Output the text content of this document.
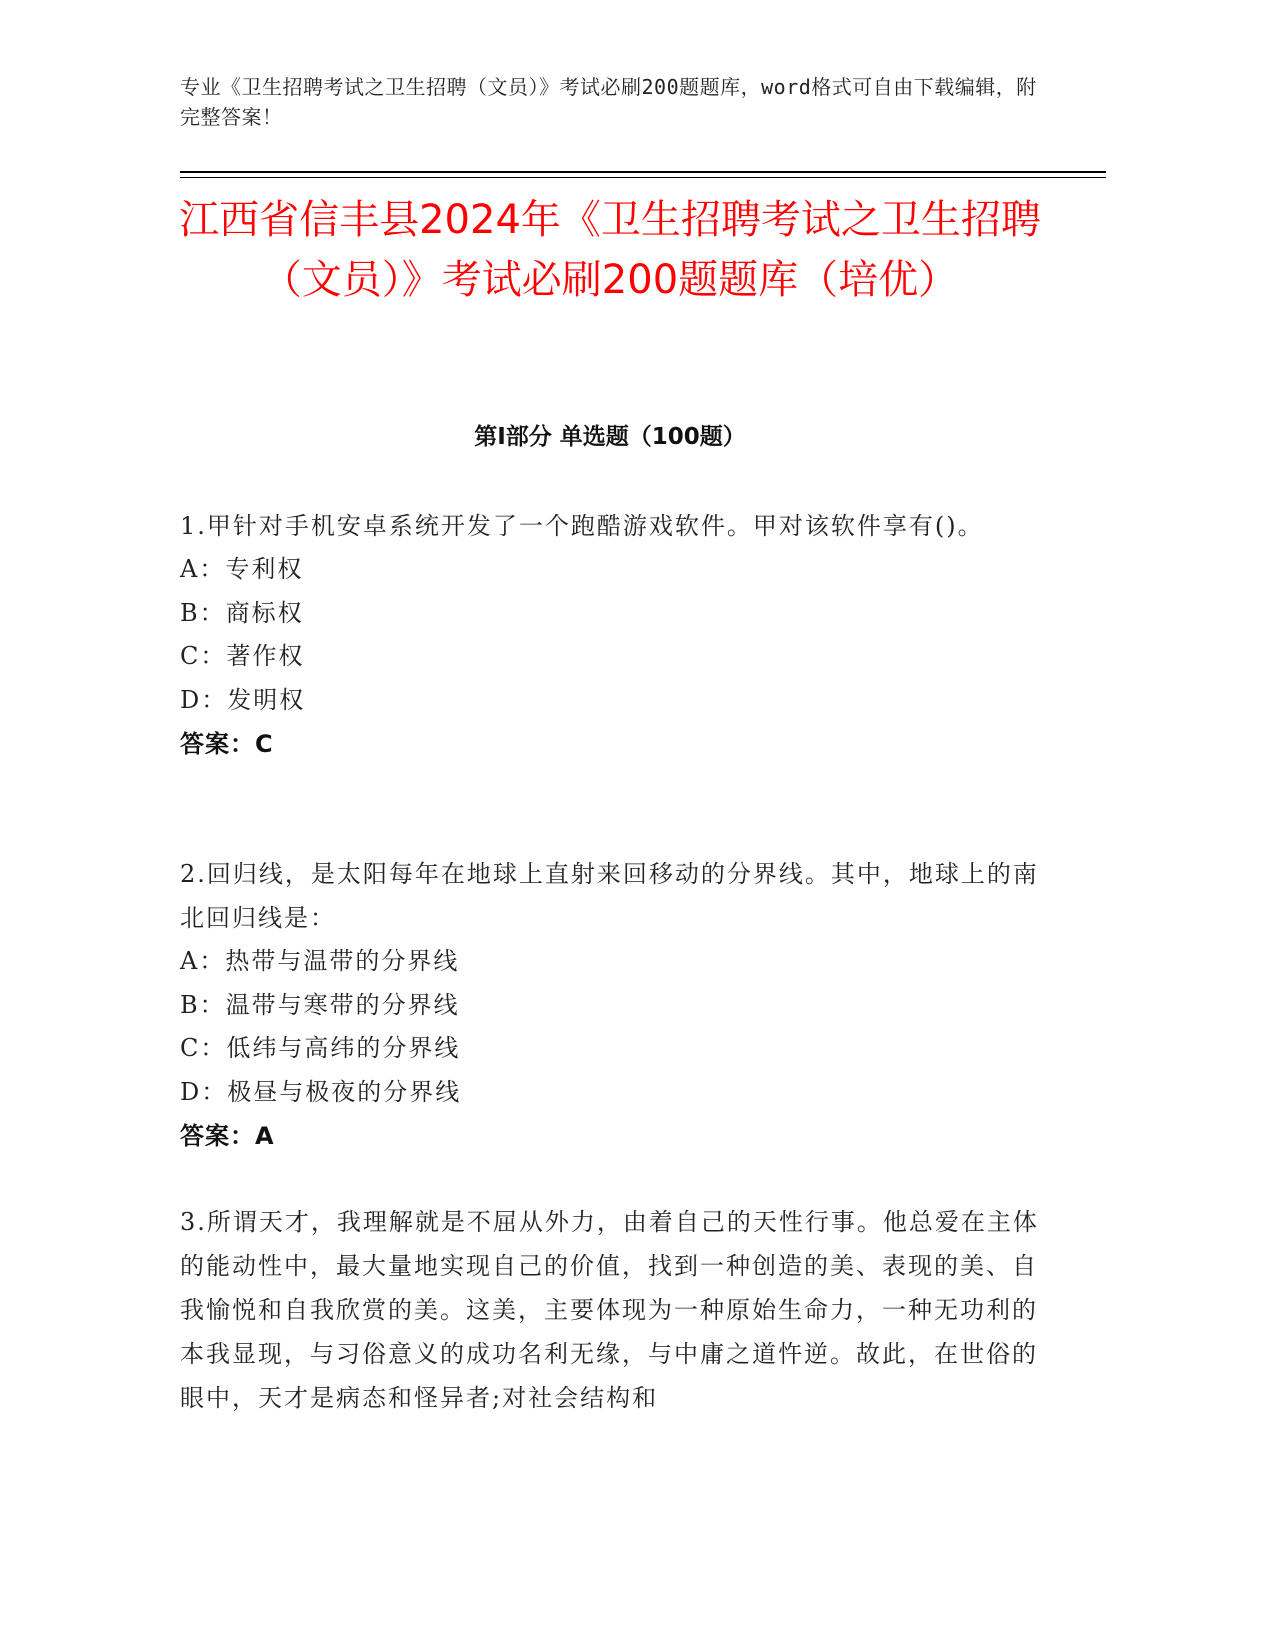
专业《卫生招聘考试之卫生招聘（文员）》考试必刷200题题库，word格式可自由下载编辑，附完整答案！
江西省信丰县2024年《卫生招聘考试之卫生招聘（文员）》考试必刷200题题库（培优）
第Ⅰ部分 单选题（100题）
1.甲针对手机安卓系统开发了一个跑酷游戏软件。甲对该软件享有()。
A：专利权
B：商标权
C：著作权
D：发明权
答案：C
2.回归线，是太阳每年在地球上直射来回移动的分界线。其中，地球上的南北回归线是：
A：热带与温带的分界线
B：温带与寒带的分界线
C：低纬与高纬的分界线
D：极昼与极夜的分界线
答案：A
3.所谓天才，我理解就是不屈从外力，由着自己的天性行事。他总爱在主体的能动性中，最大量地实现自己的价值，找到一种创造的美、表现的美、自我愉悦和自我欣赏的美。这美，主要体现为一种原始生命力，一种无功利的本我显现，与习俗意义的成功名利无缘，与中庸之道忤逆。故此，在世俗的眼中，天才是病态和怪异者;对社会结构和
